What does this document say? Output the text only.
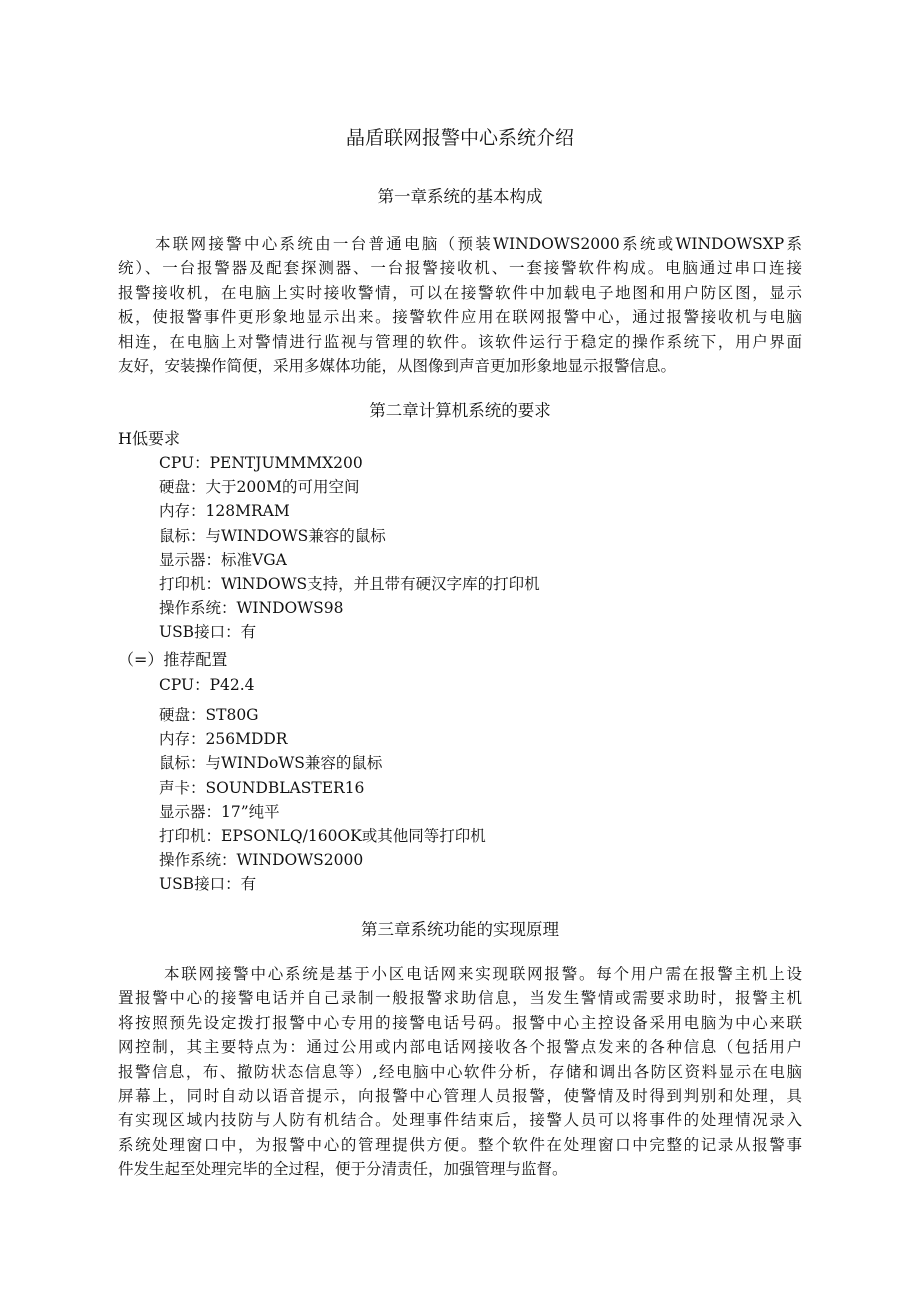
晶盾联网报警中心系统介绍
第一章系统的基本构成
本联网接警中心系统由一台普通电脑（预装WINDOWS2000系统或WINDOWSXP系
统）、一台报警器及配套探测器、一台报警接收机、一套接警软件构成。电脑通过串口连接
报警接收机，在电脑上实时接收警情，可以在接警软件中加载电子地图和用户防区图，显示
板，使报警事件更形象地显示出来。接警软件应用在联网报警中心，通过报警接收机与电脑
相连，在电脑上对警情进行监视与管理的软件。该软件运行于稳定的操作系统下，用户界面
友好，安装操作简便，采用多媒体功能，从图像到声音更加形象地显示报警信息。
第二章计算机系统的要求
H低要求
CPU：PENTJUMMMX200
硬盘：大于200M的可用空间
内存：128MRAM
鼠标：与WINDOWS兼容的鼠标
显示器：标准VGA
打印机：WlNDOWS支持，并且带有硬汉字库的打印机
操作系统：WINDOWS98
USB接口：有
（=）推荐配置
CPU：P42.4
硬盘：ST80G
内存：256MDDR
鼠标：与WINDoWS兼容的鼠标
声卡：SOUNDBLASTER16
显示器：17”纯平
打印机：EPSONLQ/160OK或其他同等打印机
操作系统：WINDOWS2000
USB接口：有
第三章系统功能的实现原理
本联网接警中心系统是基于小区电话网来实现联网报警。每个用户需在报警主机上设
置报警中心的接警电话并自己录制一般报警求助信息，当发生警情或需要求助时，报警主机
将按照预先设定拨打报警中心专用的接警电话号码。报警中心主控设备采用电脑为中心来联
网控制，其主要特点为：通过公用或内部电话网接收各个报警点发来的各种信息（包括用户
报警信息，布、撤防状态信息等）,经电脑中心软件分析，存储和调出各防区资料显示在电脑
屏幕上，同时自动以语音提示，向报警中心管理人员报警，使警情及时得到判别和处理，具
有实现区域内技防与人防有机结合。处理事件结束后，接警人员可以将事件的处理情况录入
系统处理窗口中，为报警中心的管理提供方便。整个软件在处理窗口中完整的记录从报警事
件发生起至处理完毕的全过程，便于分清责任，加强管理与监督。
